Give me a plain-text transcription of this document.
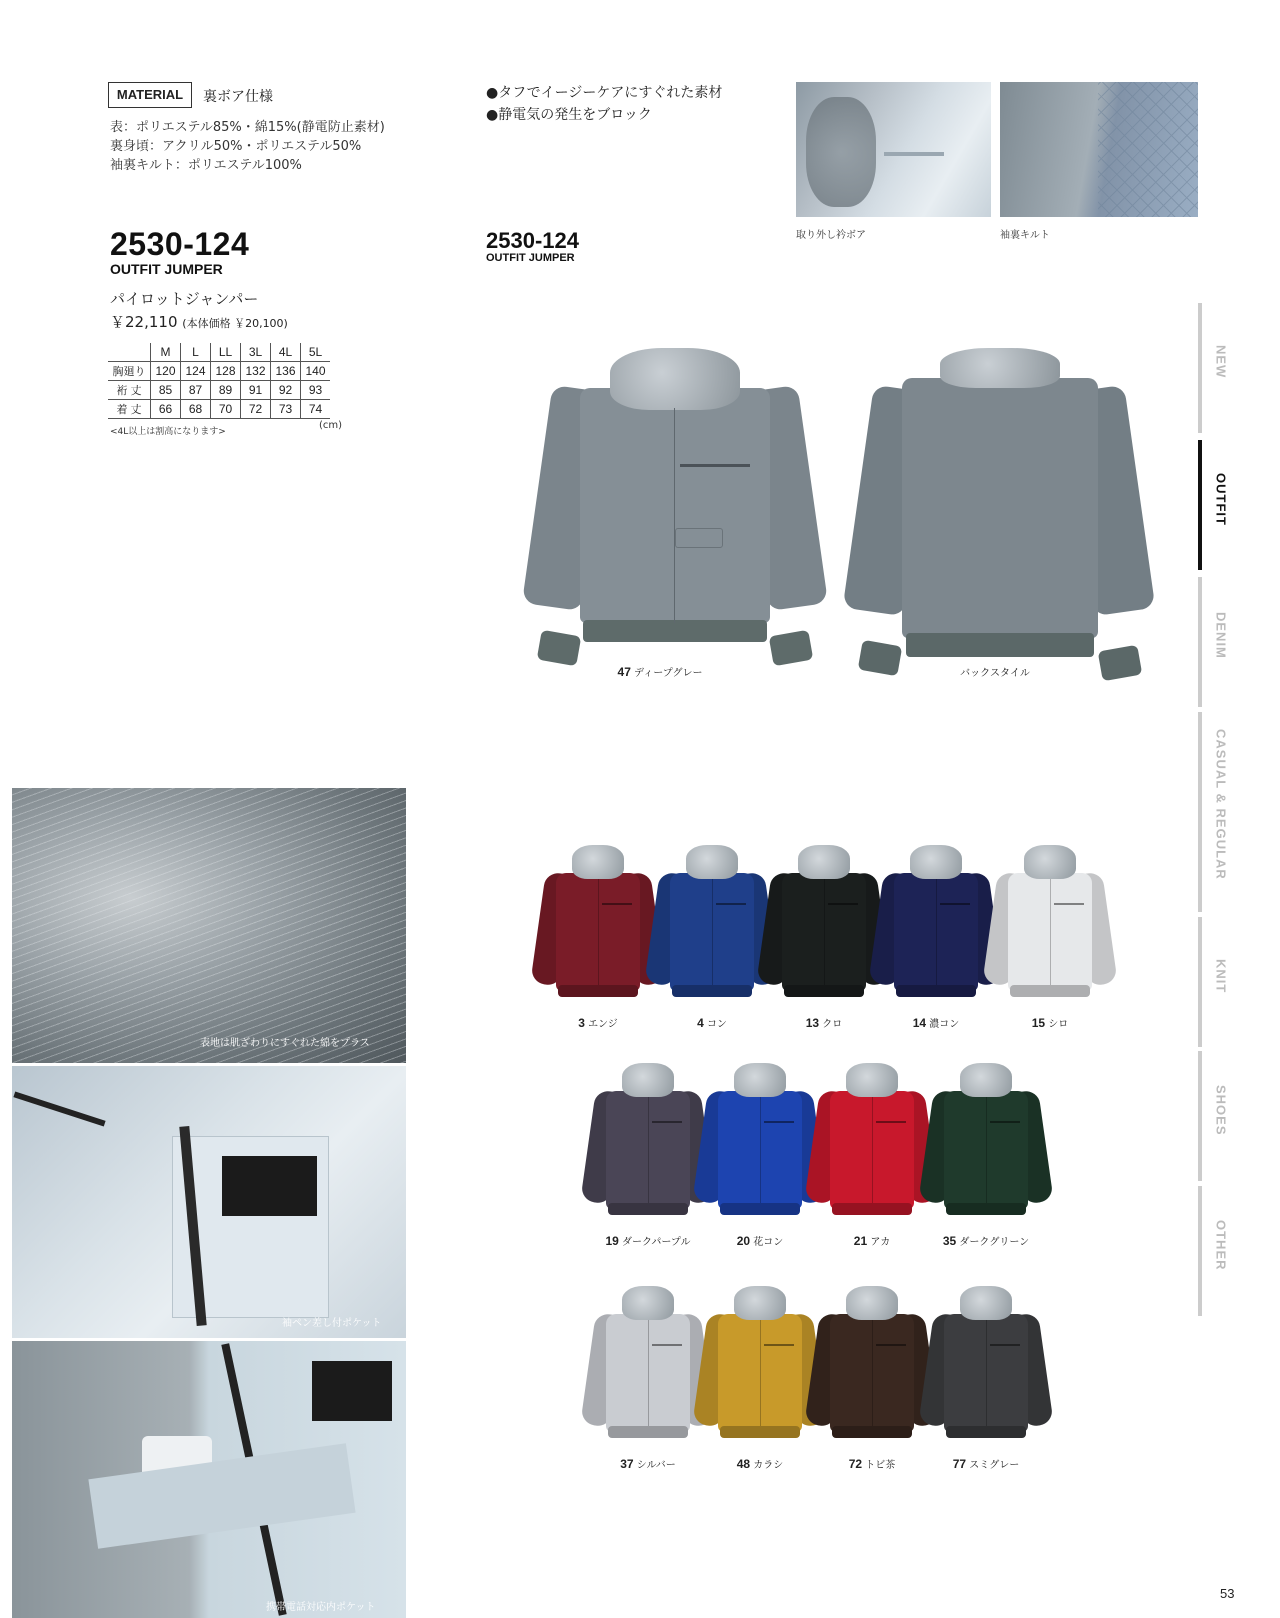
MATERIAL	裏ボア仕様
表：ポリエステル85%・綿15%(静電防止素材)
裏身頃：アクリル50%・ポリエステル50%
袖裏キルト：ポリエステル100%
●タフでイージーケアにすぐれた素材
●静電気の発生をブロック
2530-124
OUTFIT JUMPER
2530-124
OUTFIT JUMPER
パイロットジャンパー
￥22,110 (本体価格 ￥20,100)
	M	L	LL	3L	4L	5L
胸廻り	120	124	128	132	136	140
裄 丈	85	87	89	91	92	93
着 丈	66	68	70	72	73	74
(cm)
<4L以上は割高になります>
取り外し衿ボア	袖裏キルト
47 ディープグレー	バックスタイル
表地は肌ざわりにすぐれた綿をプラス
袖ペン差し付ポケット
携帯電話対応内ポケット
3 エンジ	4 コン	13 クロ	14 濃コン	15 シロ
19 ダークパープル	20 花コン	21 アカ	35 ダークグリーン
37 シルバー	48 カラシ	72 トビ茶	77 スミグレー
NEW
OUTFIT
DENIM
CASUAL & REGULAR
KNIT
SHOES
OTHER
53
